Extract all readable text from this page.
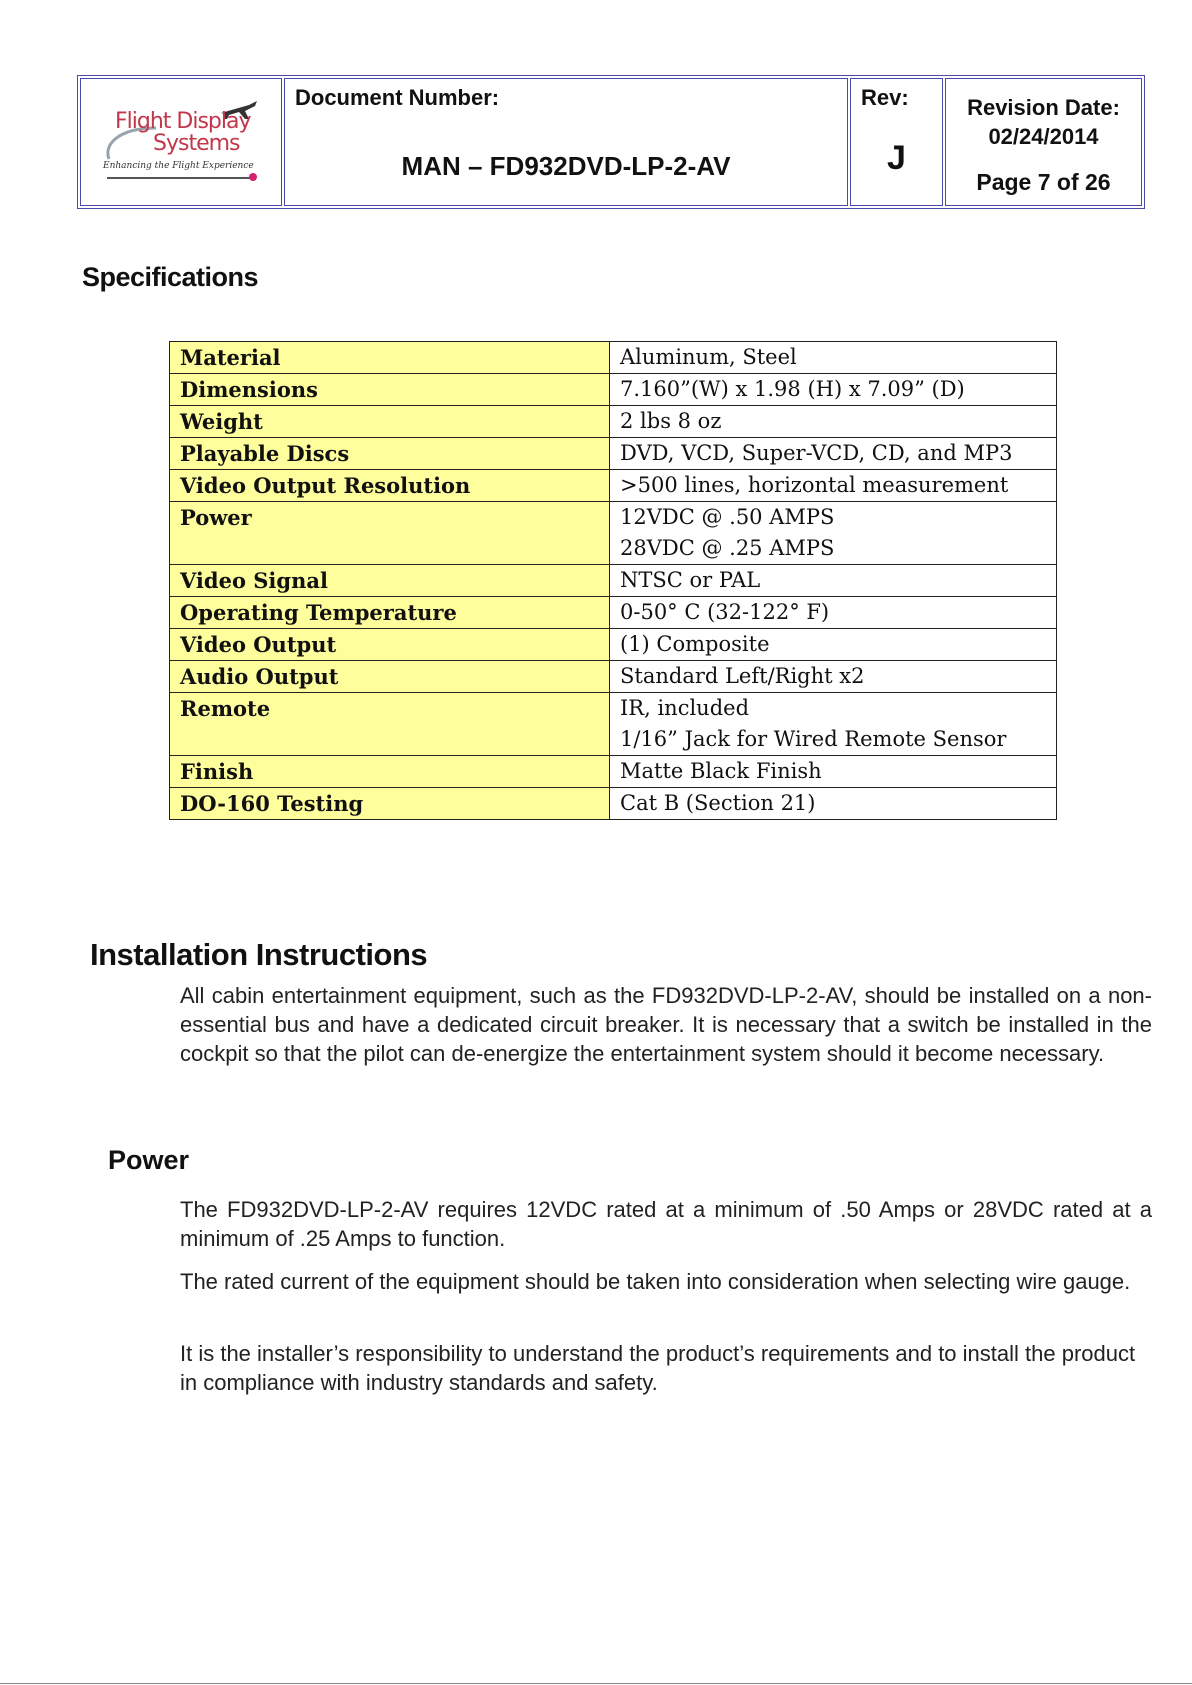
Flight Display
Systems
Enhancing the Flight Experience
Document Number:
MAN – FD932DVD-LP-2-AV
Rev:
J
Revision Date:
02/24/2014
Page 7 of 26
Specifications
Material	Aluminum, Steel

Dimensions	7.160”(W) x 1.98 (H) x 7.09” (D)

Weight	2 lbs 8 oz

Playable Discs	DVD, VCD, Super-VCD, CD, and MP3

Video Output Resolution	>500 lines, horizontal measurement

Power	12VDC @ .50 AMPS
28VDC @ .25 AMPS

Video Signal	NTSC or PAL

Operating Temperature	0-50° C (32-122° F)

Video Output	(1) Composite

Audio Output	Standard Left/Right x2

Remote	IR, included
1/16” Jack for Wired Remote Sensor

Finish	Matte Black Finish

DO-160 Testing	Cat B (Section 21)
Installation Instructions
All cabin entertainment equipment, such as the FD932DVD-LP-2-AV, should be installed on a non-essential bus and have a dedicated circuit breaker. It is necessary that a switch be installed in the cockpit so that the pilot can de-energize the entertainment system should it become necessary.
Power
The FD932DVD-LP-2-AV requires 12VDC rated at a minimum of .50 Amps or 28VDC rated at a minimum of .25 Amps to function.
The rated current of the equipment should be taken into consideration when selecting wire gauge.
It is the installer’s responsibility to understand the product’s requirements and to install the product in compliance with industry standards and safety.
